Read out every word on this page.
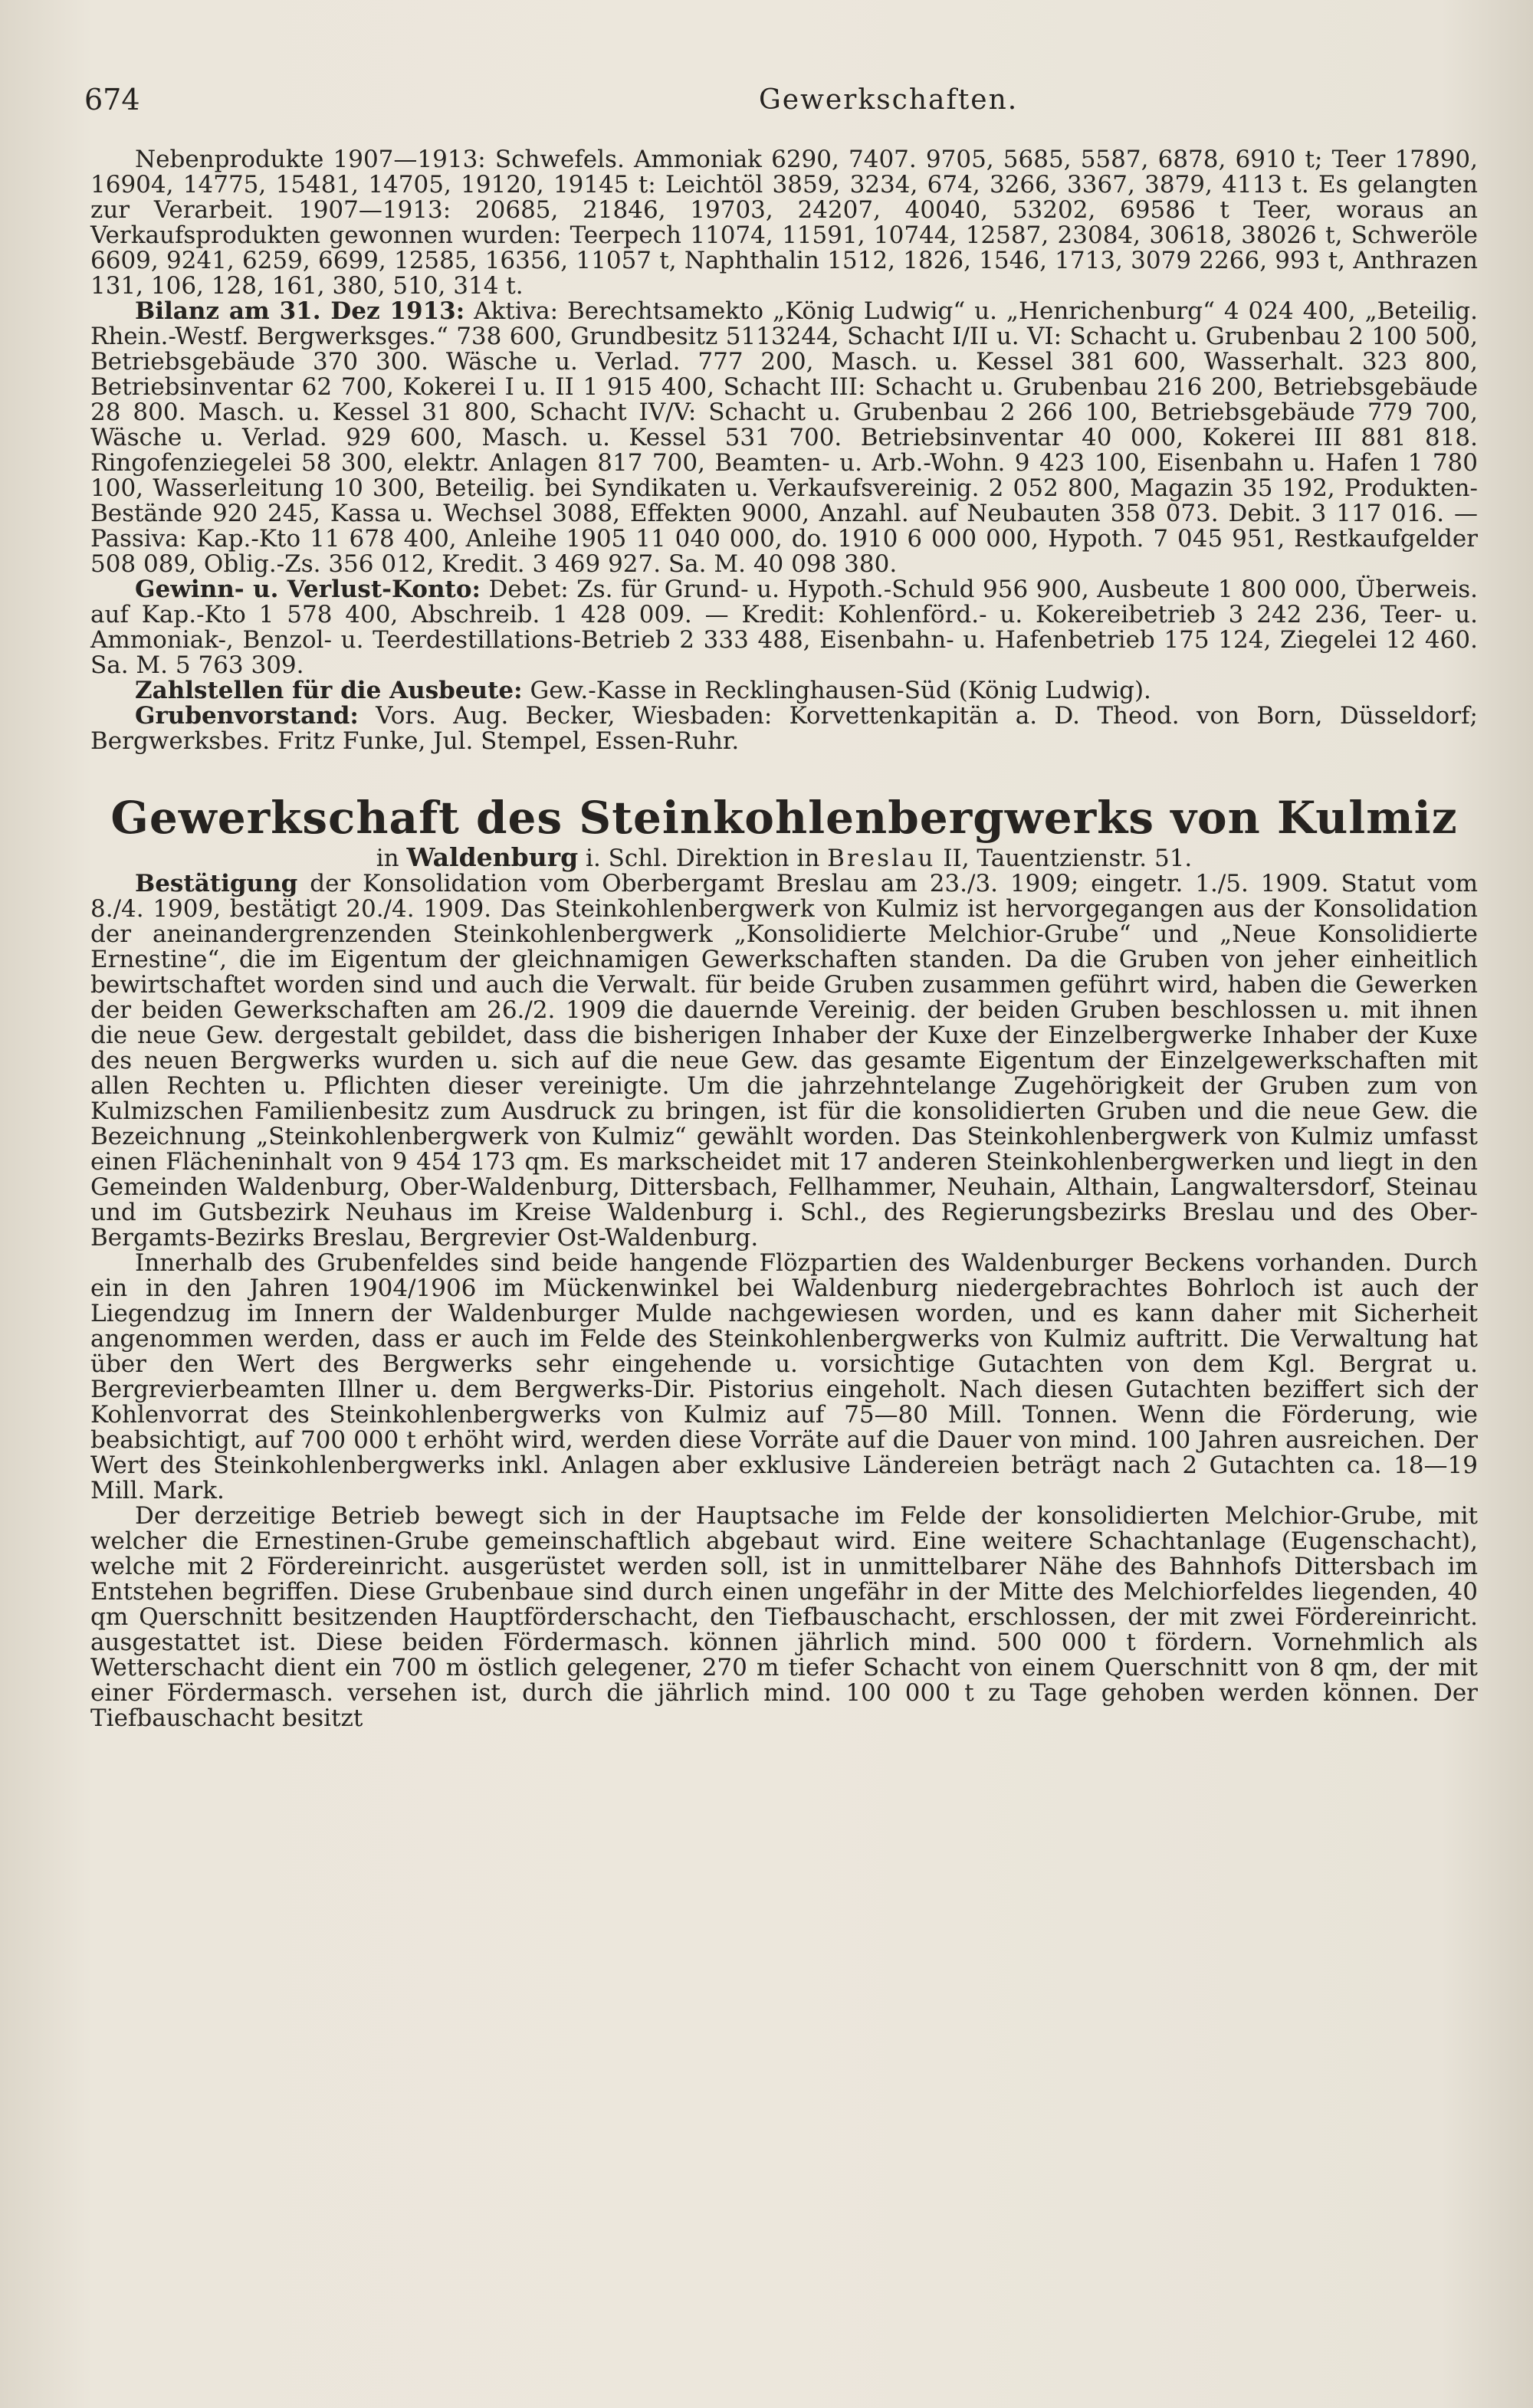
674	Gewerkschaften.

Nebenprodukte 1907—1913: Schwefels. Ammoniak 6290, 7407. 9705, 5685, 5587, 6878, 6910 t; Teer 17890, 16904, 14775, 15481, 14705, 19120, 19145 t: Leichtöl 3859, 3234, 674, 3266, 3367, 3879, 4113 t. Es gelangten zur Verarbeit. 1907—1913: 20685, 21846, 19703, 24207, 40040, 53202, 69586 t Teer, woraus an Verkaufsprodukten gewonnen wurden: Teerpech 11074, 11591, 10744, 12587, 23084, 30618, 38026 t, Schweröle 6609, 9241, 6259, 6699, 12585, 16356, 11057 t, Naphthalin 1512, 1826, 1546, 1713, 3079 2266, 993 t, Anthrazen 131, 106, 128, 161, 380, 510, 314 t.

Bilanz am 31. Dez 1913: Aktiva: Berechtsamekto „König Ludwig“ u. „Henrichenburg“ 4 024 400, „Beteilig. Rhein.-Westf. Bergwerksges.“ 738 600, Grundbesitz 5113244, Schacht I/II u. VI: Schacht u. Grubenbau 2 100 500, Betriebsgebäude 370 300. Wäsche u. Verlad. 777 200, Masch. u. Kessel 381 600, Wasserhalt. 323 800, Betriebsinventar 62 700, Kokerei I u. II 1 915 400, Schacht III: Schacht u. Grubenbau 216 200, Betriebsgebäude 28 800. Masch. u. Kessel 31 800, Schacht IV/V: Schacht u. Grubenbau 2 266 100, Betriebsgebäude 779 700, Wäsche u. Verlad. 929 600, Masch. u. Kessel 531 700. Betriebsinventar 40 000, Kokerei III 881 818. Ringofenziegelei 58 300, elektr. Anlagen 817 700, Beamten- u. Arb.-Wohn. 9 423 100, Eisenbahn u. Hafen 1 780 100, Wasserleitung 10 300, Beteilig. bei Syndikaten u. Verkaufsvereinig. 2 052 800, Magazin 35 192, Produkten-Bestände 920 245, Kassa u. Wechsel 3088, Effekten 9000, Anzahl. auf Neubauten 358 073. Debit. 3 117 016. — Passiva: Kap.-Kto 11 678 400, Anleihe 1905 11 040 000, do. 1910 6 000 000, Hypoth. 7 045 951, Restkaufgelder 508 089, Oblig.-Zs. 356 012, Kredit. 3 469 927. Sa. M. 40 098 380.

Gewinn- u. Verlust-Konto: Debet: Zs. für Grund- u. Hypoth.-Schuld 956 900, Ausbeute 1 800 000, Überweis. auf Kap.-Kto 1 578 400, Abschreib. 1 428 009. — Kredit: Kohlenförd.- u. Kokereibetrieb 3 242 236, Teer- u. Ammoniak-, Benzol- u. Teerdestillations-Betrieb 2 333 488, Eisenbahn- u. Hafenbetrieb 175 124, Ziegelei 12 460. Sa. M. 5 763 309.

Zahlstellen für die Ausbeute: Gew.-Kasse in Recklinghausen-Süd (König Ludwig).

Grubenvorstand: Vors. Aug. Becker, Wiesbaden: Korvettenkapitän a. D. Theod. von Born, Düsseldorf; Bergwerksbes. Fritz Funke, Jul. Stempel, Essen-Ruhr.

Gewerkschaft des Steinkohlenbergwerks von Kulmiz

in Waldenburg i. Schl. Direktion in Breslau II, Tauentzienstr. 51.

Bestätigung der Konsolidation vom Oberbergamt Breslau am 23./3. 1909; eingetr. 1./5. 1909. Statut vom 8./4. 1909, bestätigt 20./4. 1909. Das Steinkohlenbergwerk von Kulmiz ist hervorgegangen aus der Konsolidation der aneinandergrenzenden Steinkohlenbergwerk „Konsolidierte Melchior-Grube“ und „Neue Konsolidierte Ernestine“, die im Eigentum der gleichnamigen Gewerkschaften standen. Da die Gruben von jeher einheitlich bewirtschaftet worden sind und auch die Verwalt. für beide Gruben zusammen geführt wird, haben die Gewerken der beiden Gewerkschaften am 26./2. 1909 die dauernde Vereinig. der beiden Gruben beschlossen u. mit ihnen die neue Gew. dergestalt gebildet, dass die bisherigen Inhaber der Kuxe der Einzelbergwerke Inhaber der Kuxe des neuen Bergwerks wurden u. sich auf die neue Gew. das gesamte Eigentum der Einzelgewerkschaften mit allen Rechten u. Pflichten dieser vereinigte. Um die jahrzehntelange Zugehörigkeit der Gruben zum von Kulmizschen Familienbesitz zum Ausdruck zu bringen, ist für die konsolidierten Gruben und die neue Gew. die Bezeichnung „Steinkohlenbergwerk von Kulmiz“ gewählt worden. Das Steinkohlenbergwerk von Kulmiz umfasst einen Flächeninhalt von 9 454 173 qm. Es markscheidet mit 17 anderen Steinkohlenbergwerken und liegt in den Gemeinden Waldenburg, Ober-Waldenburg, Dittersbach, Fellhammer, Neuhain, Althain, Langwaltersdorf, Steinau und im Gutsbezirk Neuhaus im Kreise Waldenburg i. Schl., des Regierungsbezirks Breslau und des Ober-Bergamts-Bezirks Breslau, Bergrevier Ost-Waldenburg.

Innerhalb des Grubenfeldes sind beide hangende Flözpartien des Waldenburger Beckens vorhanden. Durch ein in den Jahren 1904/1906 im Mückenwinkel bei Waldenburg niedergebrachtes Bohrloch ist auch der Liegendzug im Innern der Waldenburger Mulde nachgewiesen worden, und es kann daher mit Sicherheit angenommen werden, dass er auch im Felde des Steinkohlenbergwerks von Kulmiz auftritt. Die Verwaltung hat über den Wert des Bergwerks sehr eingehende u. vorsichtige Gutachten von dem Kgl. Bergrat u. Bergrevierbeamten Illner u. dem Bergwerks-Dir. Pistorius eingeholt. Nach diesen Gutachten beziffert sich der Kohlenvorrat des Steinkohlenbergwerks von Kulmiz auf 75—80 Mill. Tonnen. Wenn die Förderung, wie beabsichtigt, auf 700 000 t erhöht wird, werden diese Vorräte auf die Dauer von mind. 100 Jahren ausreichen. Der Wert des Steinkohlenbergwerks inkl. Anlagen aber exklusive Ländereien beträgt nach 2 Gutachten ca. 18—19 Mill. Mark.

Der derzeitige Betrieb bewegt sich in der Hauptsache im Felde der konsolidierten Melchior-Grube, mit welcher die Ernestinen-Grube gemeinschaftlich abgebaut wird. Eine weitere Schachtanlage (Eugenschacht), welche mit 2 Fördereinricht. ausgerüstet werden soll, ist in unmittelbarer Nähe des Bahnhofs Dittersbach im Entstehen begriffen. Diese Grubenbaue sind durch einen ungefähr in der Mitte des Melchiorfeldes liegenden, 40 qm Querschnitt besitzenden Hauptförderschacht, den Tiefbauschacht, erschlossen, der mit zwei Fördereinricht. ausgestattet ist. Diese beiden Fördermasch. können jährlich mind. 500 000 t fördern. Vornehmlich als Wetterschacht dient ein 700 m östlich gelegener, 270 m tiefer Schacht von einem Querschnitt von 8 qm, der mit einer Fördermasch. versehen ist, durch die jährlich mind. 100 000 t zu Tage gehoben werden können. Der Tiefbauschacht besitzt
